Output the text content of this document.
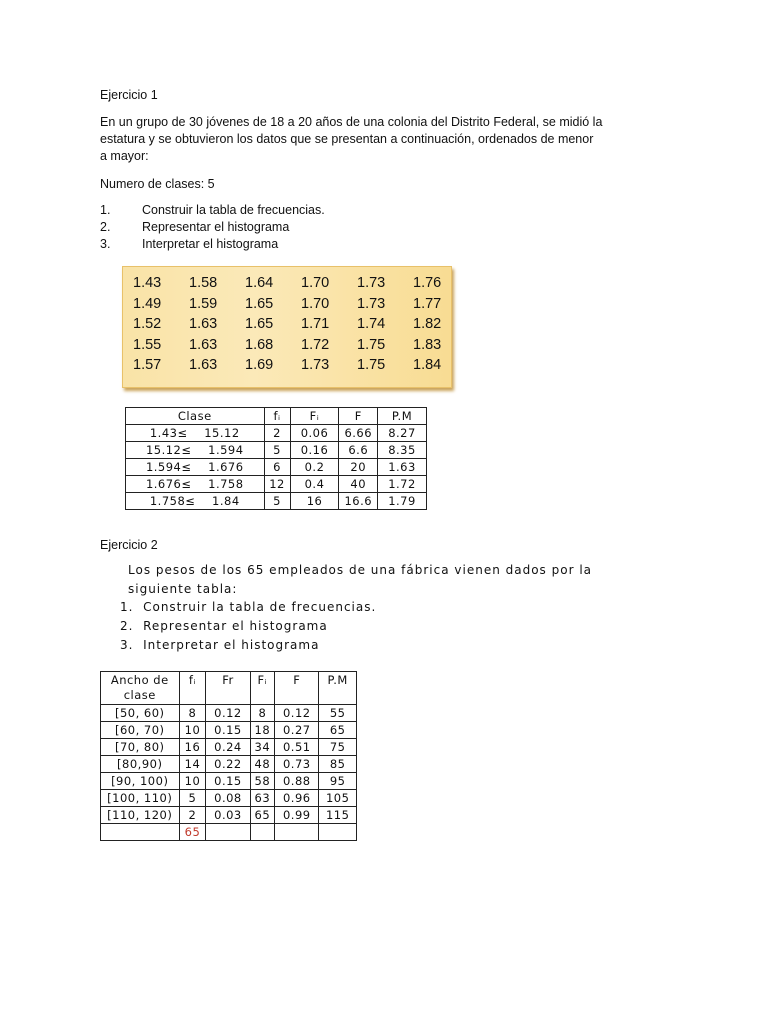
Ejercicio 1
En un grupo de 30 jóvenes de 18 a 20 años de una colonia del Distrito Federal, se midió la
estatura y se obtuvieron los datos que se presentan a continuación, ordenados de menor
a mayor:
Numero de clases: 5
1.	Construir la tabla de frecuencias.
2.	Representar el histograma
3.	Interpretar el histograma
1.43	1.58	1.64	1.70	1.73	1.76
1.49	1.59	1.65	1.70	1.73	1.77
1.52	1.63	1.65	1.71	1.74	1.82
1.55	1.63	1.68	1.72	1.75	1.83
1.57	1.63	1.69	1.73	1.75	1.84
Clase	fᵢ	Fᵢ	F	P.M
1.43≤ 15.12	2	0.06	6.66	8.27
15.12≤ 1.594	5	0.16	6.6	8.35
1.594≤ 1.676	6	0.2	20	1.63
1.676≤ 1.758	12	0.4	40	1.72
1.758≤ 1.84	5	16	16.6	1.79
Ejercicio 2
Los pesos de los 65 empleados de una fábrica vienen dados por la
siguiente tabla:
1. Construir la tabla de frecuencias.
2. Representar el histograma
3. Interpretar el histograma
Ancho de clase	fᵢ	Fr	Fᵢ	F	P.M
[50, 60)	8	0.12	8	0.12	55
[60, 70)	10	0.15	18	0.27	65
[70, 80)	16	0.24	34	0.51	75
[80,90)	14	0.22	48	0.73	85
[90, 100)	10	0.15	58	0.88	95
[100, 110)	5	0.08	63	0.96	105
[110, 120)	2	0.03	65	0.99	115
	65				
